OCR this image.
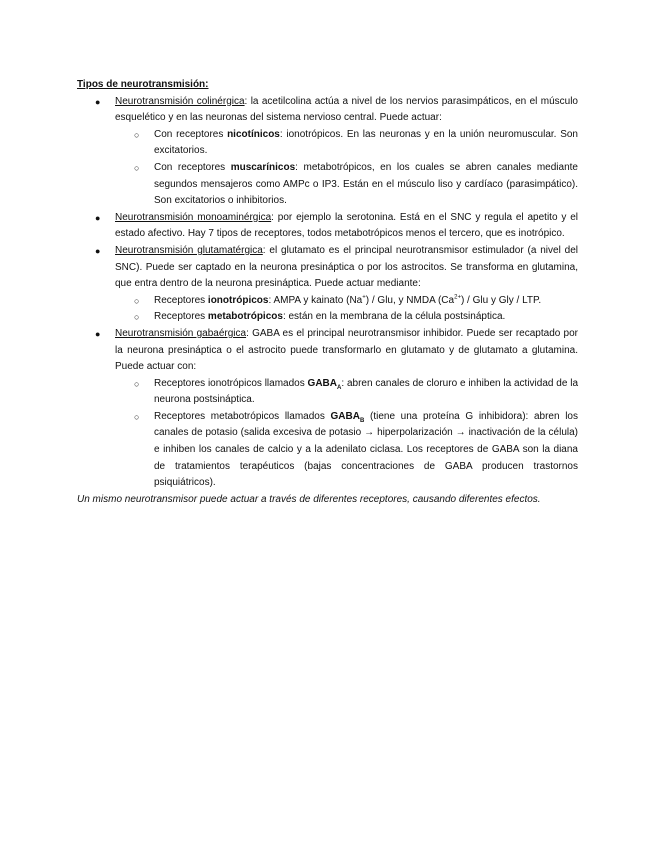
Tipos de neurotransmisión:

● Neurotransmisión colinérgica: la acetilcolina actúa a nivel de los nervios parasimpáticos, en el músculo esquelético y en las neuronas del sistema nervioso central. Puede actuar:
○ Con receptores nicotínicos: ionotrópicos. En las neuronas y en la unión neuromuscular. Son excitatorios.
○ Con receptores muscarínicos: metabotrópicos, en los cuales se abren canales mediante segundos mensajeros como AMPc o IP3. Están en el músculo liso y cardíaco (parasimpático). Son excitatorios o inhibitorios.
● Neurotransmisión monoaminérgica: por ejemplo la serotonina. Está en el SNC y regula el apetito y el estado afectivo. Hay 7 tipos de receptores, todos metabotrópicos menos el tercero, que es inotrópico.
● Neurotransmisión glutamatérgica: el glutamato es el principal neurotransmisor estimulador (a nivel del SNC). Puede ser captado en la neurona presináptica o por los astrocitos. Se transforma en glutamina, que entra dentro de la neurona presináptica. Puede actuar mediante:
○ Receptores ionotrópicos: AMPA y kainato (Na+) / Glu, y NMDA $(Ca^{2+})$ / Glu y Gly / LTP.
○ Receptores metabotrópicos: están en la membrana de la célula postsináptica.
● Neurotransmisión gabaérgica: GABA es el principal neurotransmisor inhibidor. Puede ser recaptado por la neurona presináptica o el astrocito puede transformarlo en glutamato y de glutamato a glutamina. Puede actuar con:
○ Receptores ionotrópicos llamados $GABA_A$: abren canales de cloruro e inhiben la actividad de la neurona postsináptica.
○ Receptores metabotrópicos llamados $GABA_B$ (tiene una proteína G inhibidora): abren los canales de potasio (salida excesiva de potasio → hiperpolarización → inactivación de la célula) e inhiben los canales de calcio y a la adenilato ciclasa. Los receptores de GABA son la diana de tratamientos terapéuticos (bajas concentraciones de GABA producen trastornos psiquiátricos).

Un mismo neurotransmisor puede actuar a través de diferentes receptores, causando diferentes efectos.
